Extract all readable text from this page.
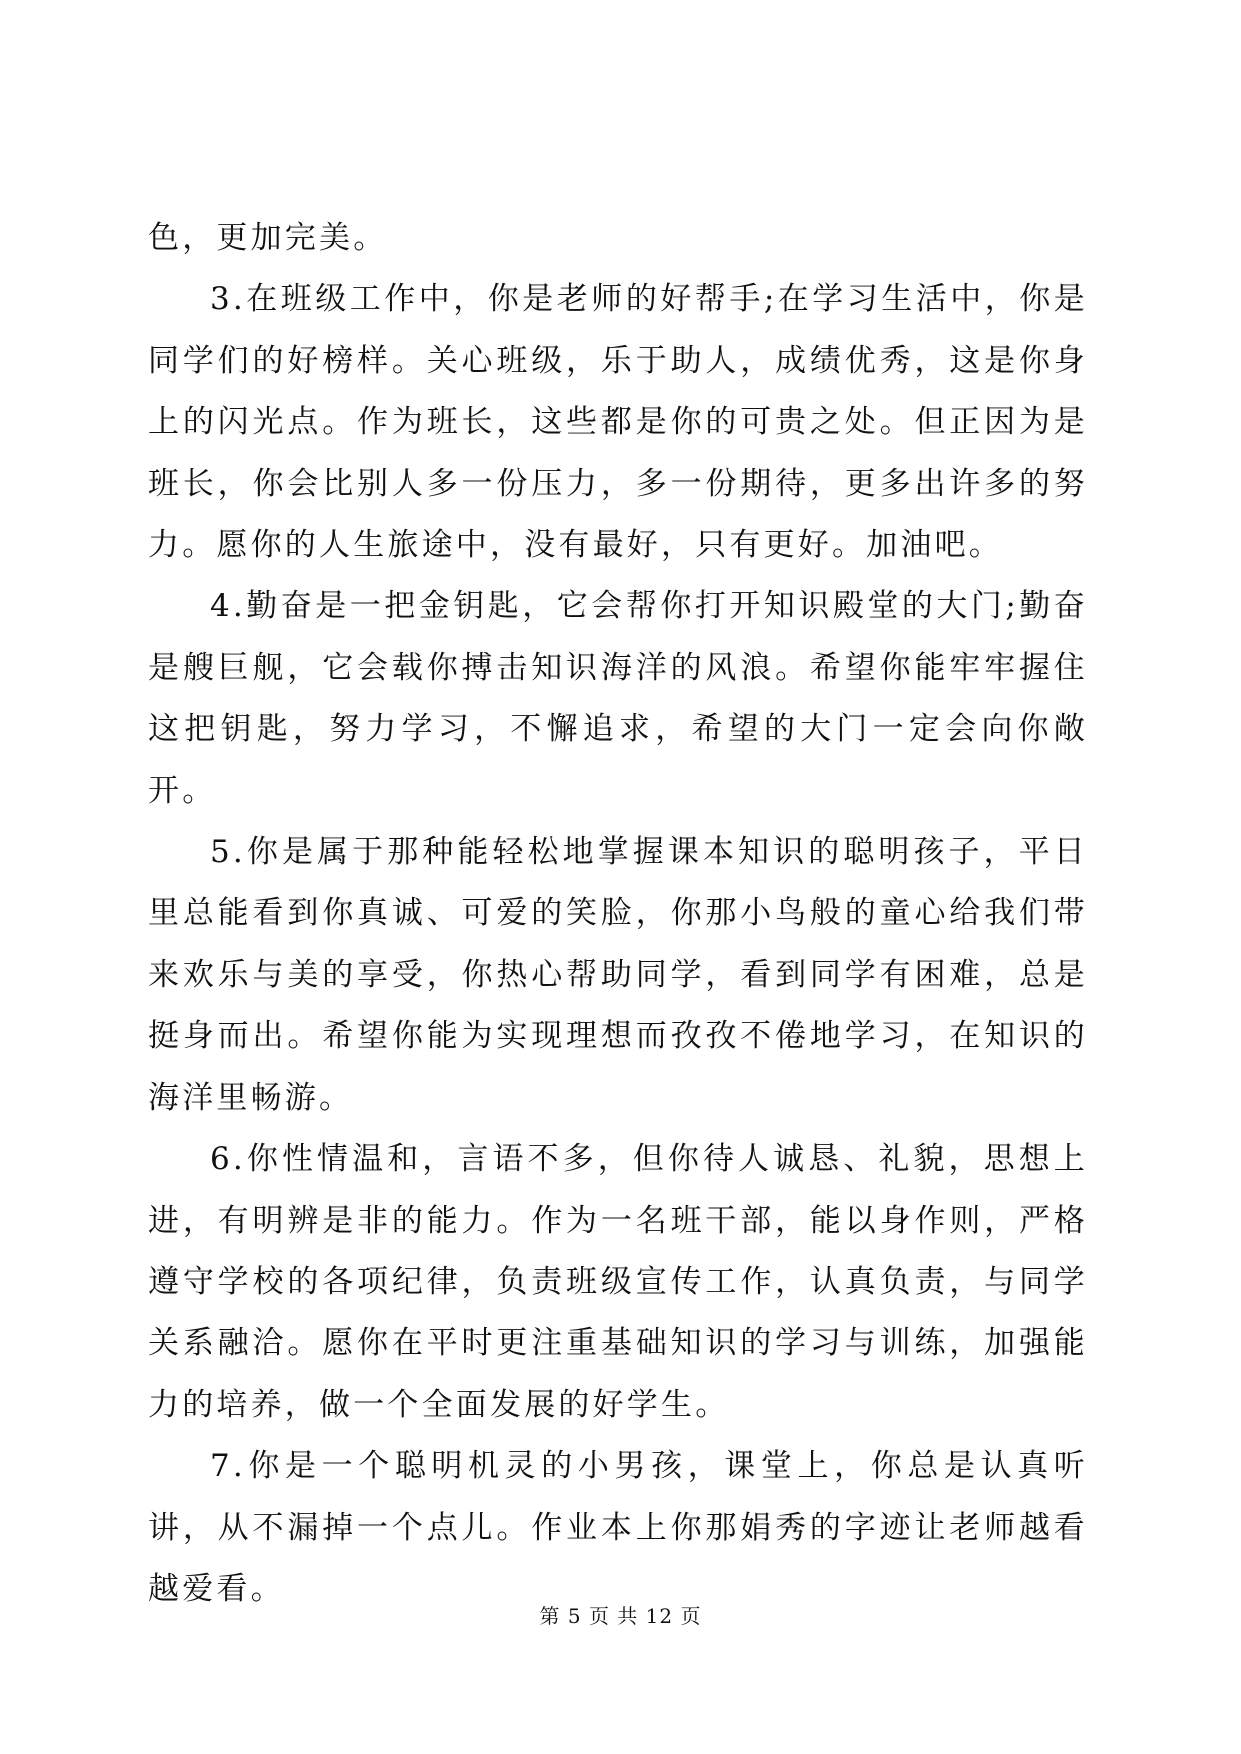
色，更加完美。

3.在班级工作中，你是老师的好帮手;在学习生活中，你是同学们的好榜样。关心班级，乐于助人，成绩优秀，这是你身上的闪光点。作为班长，这些都是你的可贵之处。但正因为是班长，你会比别人多一份压力，多一份期待，更多出许多的努力。愿你的人生旅途中，没有最好，只有更好。加油吧。

4.勤奋是一把金钥匙，它会帮你打开知识殿堂的大门;勤奋是艘巨舰，它会载你搏击知识海洋的风浪。希望你能牢牢握住这把钥匙，努力学习，不懈追求，希望的大门一定会向你敞开。

5.你是属于那种能轻松地掌握课本知识的聪明孩子，平日里总能看到你真诚、可爱的笑脸，你那小鸟般的童心给我们带来欢乐与美的享受，你热心帮助同学，看到同学有困难，总是挺身而出。希望你能为实现理想而孜孜不倦地学习，在知识的海洋里畅游。

6.你性情温和，言语不多，但你待人诚恳、礼貌，思想上进，有明辨是非的能力。作为一名班干部，能以身作则，严格遵守学校的各项纪律，负责班级宣传工作，认真负责，与同学关系融洽。愿你在平时更注重基础知识的学习与训练，加强能力的培养，做一个全面发展的好学生。

7.你是一个聪明机灵的小男孩，课堂上，你总是认真听讲，从不漏掉一个点儿。作业本上你那娟秀的字迹让老师越看越爱看。

第 5 页 共 12 页
